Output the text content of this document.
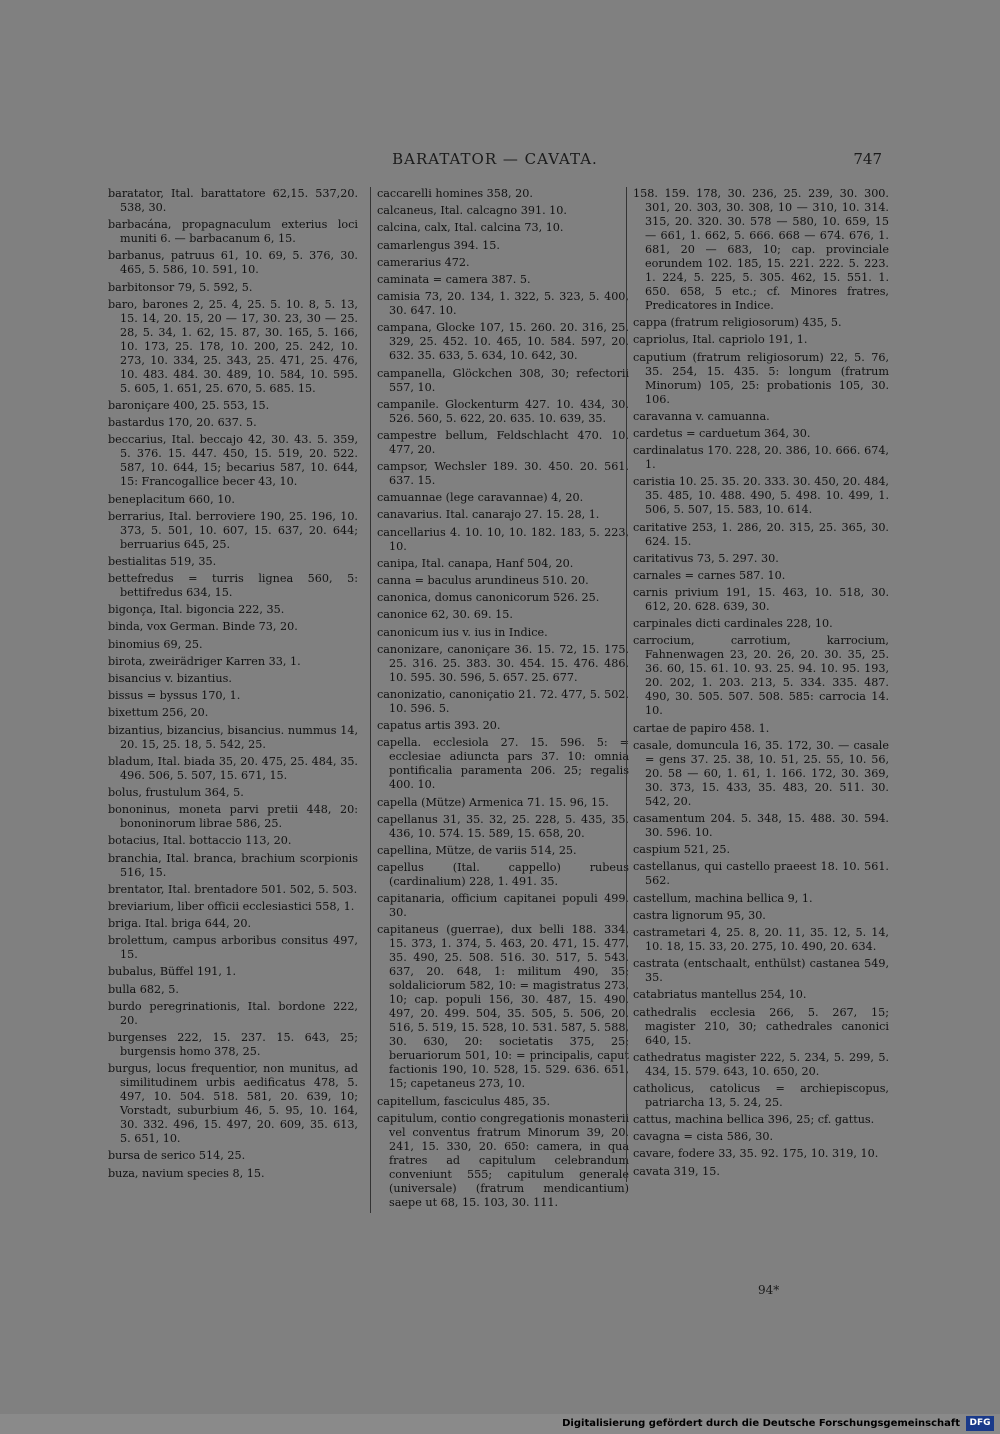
BARATATOR — CAVATA.	747

baratator, Ital. barattatore 62,15. 537,20. 538, 30.

barbacána, propagnaculum exterius loci muniti 6. — barbacanum 6, 15.

barbanus, patruus 61, 10. 69, 5. 376, 30. 465, 5. 586, 10. 591, 10.

barbitonsor 79, 5. 592, 5.

baro, barones 2, 25. 4, 25. 5. 10. 8, 5. 13, 15. 14, 20. 15, 20 — 17, 30. 23, 30 — 25. 28, 5. 34, 1. 62, 15. 87, 30. 165, 5. 166, 10. 173, 25. 178, 10. 200, 25. 242, 10. 273, 10. 334, 25. 343, 25. 471, 25. 476, 10. 483. 484. 30. 489, 10. 584, 10. 595. 5. 605, 1. 651, 25. 670, 5. 685. 15.

baroniçare 400, 25. 553, 15.

bastardus 170, 20. 637. 5.

beccarius, Ital. beccajo 42, 30. 43. 5. 359, 5. 376. 15. 447. 450, 15. 519, 20. 522. 587, 10. 644, 15; becarius 587, 10. 644, 15: Francogallice becer 43, 10.

beneplacitum 660, 10.

berrarius, Ital. berroviere 190, 25. 196, 10. 373, 5. 501, 10. 607, 15. 637, 20. 644; berruarius 645, 25.

bestialitas 519, 35.

bettefredus = turris lignea 560, 5: bettifredus 634, 15.

bigonça, Ital. bigoncia 222, 35.

binda, vox German. Binde 73, 20.

binomius 69, 25.

birota, zweirädriger Karren 33, 1.

bisancius v. bizantius.

bissus = byssus 170, 1.

bixettum 256, 20.

bizantius, bizancius, bisancius. nummus 14, 20. 15, 25. 18, 5. 542, 25.

bladum, Ital. biada 35, 20. 475, 25. 484, 35. 496. 506, 5. 507, 15. 671, 15.

bolus, frustulum 364, 5.

bononinus, moneta parvi pretii 448, 20: bononinorum librae 586, 25.

botacius, Ital. bottaccio 113, 20.

branchia, Ital. branca, brachium scorpionis 516, 15.

brentator, Ital. brentadore 501. 502, 5. 503.

breviarium, liber officii ecclesiastici 558, 1.

briga. Ital. briga 644, 20.

brolettum, campus arboribus consitus 497, 15.

bubalus, Büffel 191, 1.

bulla 682, 5.

burdo peregrinationis, Ital. bordone 222, 20.

burgenses 222, 15. 237. 15. 643, 25; burgensis homo 378, 25.

burgus, locus frequentior, non munitus, ad similitudinem urbis aedificatus 478, 5. 497, 10. 504. 518. 581, 20. 639, 10; Vorstadt, suburbium 46, 5. 95, 10. 164, 30. 332. 496, 15. 497, 20. 609, 35. 613, 5. 651, 10.

bursa de serico 514, 25.

buza, navium species 8, 15.

caccarelli homines 358, 20.

calcaneus, Ital. calcagno 391. 10.

calcina, calx, Ital. calcina 73, 10.

camarlengus 394. 15.

camerarius 472.

caminata = camera 387. 5.

camisia 73, 20. 134, 1. 322, 5. 323, 5. 400, 30. 647. 10.

campana, Glocke 107, 15. 260. 20. 316, 25. 329, 25. 452. 10. 465, 10. 584. 597, 20. 632. 35. 633, 5. 634, 10. 642, 30.

campanella, Glöckchen 308, 30; refectorii 557, 10.

campanile. Glockenturm 427. 10. 434, 30. 526. 560, 5. 622, 20. 635. 10. 639, 35.

campestre bellum, Feldschlacht 470. 10. 477, 20.

campsor, Wechsler 189. 30. 450. 20. 561. 637. 15.

camuannae (lege caravannae) 4, 20.

canavarius. Ital. canarajo 27. 15. 28, 1.

cancellarius 4. 10. 10, 10. 182. 183, 5. 223, 10.

canipa, Ital. canapa, Hanf 504, 20.

canna = baculus arundineus 510. 20.

canonica, domus canonicorum 526. 25.

canonice 62, 30. 69. 15.

canonicum ius v. ius in Indice.

canonizare, canoniçare 36. 15. 72, 15. 175. 25. 316. 25. 383. 30. 454. 15. 476. 486. 10. 595. 30. 596, 5. 657. 25. 677.

canonizatio, canoniçatio 21. 72. 477, 5. 502. 10. 596. 5.

capatus artis 393. 20.

capella. ecclesiola 27. 15. 596. 5: = ecclesiae adiuncta pars 37. 10: omnia pontificalia paramenta 206. 25; regalis 400. 10.

capella (Mütze) Armenica 71. 15. 96, 15.

capellanus 31, 35. 32, 25. 228, 5. 435, 35. 436, 10. 574. 15. 589, 15. 658, 20.

capellina, Mütze, de variis 514, 25.

capellus (Ital. cappello) rubeus (cardinalium) 228, 1. 491. 35.

capitanaria, officium capitanei populi 499. 30.

capitaneus (guerrae), dux belli 188. 334, 15. 373, 1. 374, 5. 463, 20. 471, 15. 477, 35. 490, 25. 508. 516. 30. 517, 5. 543. 637, 20. 648, 1: militum 490, 35; soldaliciorum 582, 10: = magistratus 273, 10; cap. populi 156, 30. 487, 15. 490. 497, 20. 499. 504, 35. 505, 5. 506, 20. 516, 5. 519, 15. 528, 10. 531. 587, 5. 588, 30. 630, 20: societatis 375, 25; beruariorum 501, 10: = principalis, caput factionis 190, 10. 528, 15. 529. 636. 651, 15; capetaneus 273, 10.

capitellum, fasciculus 485, 35.

capitulum, contio congregationis monasterii vel conventus fratrum Minorum 39, 20. 241, 15. 330, 20. 650: camera, in qua fratres ad capitulum celebrandum conveniunt 555; capitulum generale (universale) (fratrum mendicantium) saepe ut 68, 15. 103, 30. 111.

158. 159. 178, 30. 236, 25. 239, 30. 300. 301, 20. 303, 30. 308, 10 — 310, 10. 314. 315, 20. 320. 30. 578 — 580, 10. 659, 15 — 661, 1. 662, 5. 666. 668 — 674. 676, 1. 681, 20 — 683, 10; cap. provinciale eorundem 102. 185, 15. 221. 222. 5. 223. 1. 224, 5. 225, 5. 305. 462, 15. 551. 1. 650. 658, 5 etc.; cf. Minores fratres, Predicatores in Indice.

cappa (fratrum religiosorum) 435, 5.

capriolus, Ital. capriolo 191, 1.

caputium (fratrum religiosorum) 22, 5. 76, 35. 254, 15. 435. 5: longum (fratrum Minorum) 105, 25: probationis 105, 30. 106.

caravanna v. camuanna.

cardetus = carduetum 364, 30.

cardinalatus 170. 228, 20. 386, 10. 666. 674, 1.

caristia 10. 25. 35. 20. 333. 30. 450, 20. 484, 35. 485, 10. 488. 490, 5. 498. 10. 499, 1. 506, 5. 507, 15. 583, 10. 614.

caritative 253, 1. 286, 20. 315, 25. 365, 30. 624. 15.

caritativus 73, 5. 297. 30.

carnales = carnes 587. 10.

carnis privium 191, 15. 463, 10. 518, 30. 612, 20. 628. 639, 30.

carpinales dicti cardinales 228, 10.

carrocium, carrotium, karrocium, Fahnenwagen 23, 20. 26, 20. 30. 35, 25. 36. 60, 15. 61. 10. 93. 25. 94. 10. 95. 193, 20. 202, 1. 203. 213, 5. 334. 335. 487. 490, 30. 505. 507. 508. 585: carrocia 14. 10.

cartae de papiro 458. 1.

casale, domuncula 16, 35. 172, 30. — casale = gens 37. 25. 38, 10. 51, 25. 55, 10. 56, 20. 58 — 60, 1. 61, 1. 166. 172, 30. 369, 30. 373, 15. 433, 35. 483, 20. 511. 30. 542, 20.

casamentum 204. 5. 348, 15. 488. 30. 594. 30. 596. 10.

caspium 521, 25.

castellanus, qui castello praeest 18. 10. 561. 562.

castellum, machina bellica 9, 1.

castra lignorum 95, 30.

castrametari 4, 25. 8, 20. 11, 35. 12, 5. 14, 10. 18, 15. 33, 20. 275, 10. 490, 20. 634.

castrata (entschaalt, enthülst) castanea 549, 35.

catabriatus mantellus 254, 10.

cathedralis ecclesia 266, 5. 267, 15; magister 210, 30; cathedrales canonici 640, 15.

cathedratus magister 222, 5. 234, 5. 299, 5. 434, 15. 579. 643, 10. 650, 20.

catholicus, catolicus = archiepiscopus, patriarcha 13, 5. 24, 25.

cattus, machina bellica 396, 25; cf. gattus.

cavagna = cista 586, 30.

cavare, fodere 33, 35. 92. 175, 10. 319, 10.

cavata 319, 15.

94*
Digitalisierung gefördert durch die Deutsche Forschungsgemeinschaft	DFG
